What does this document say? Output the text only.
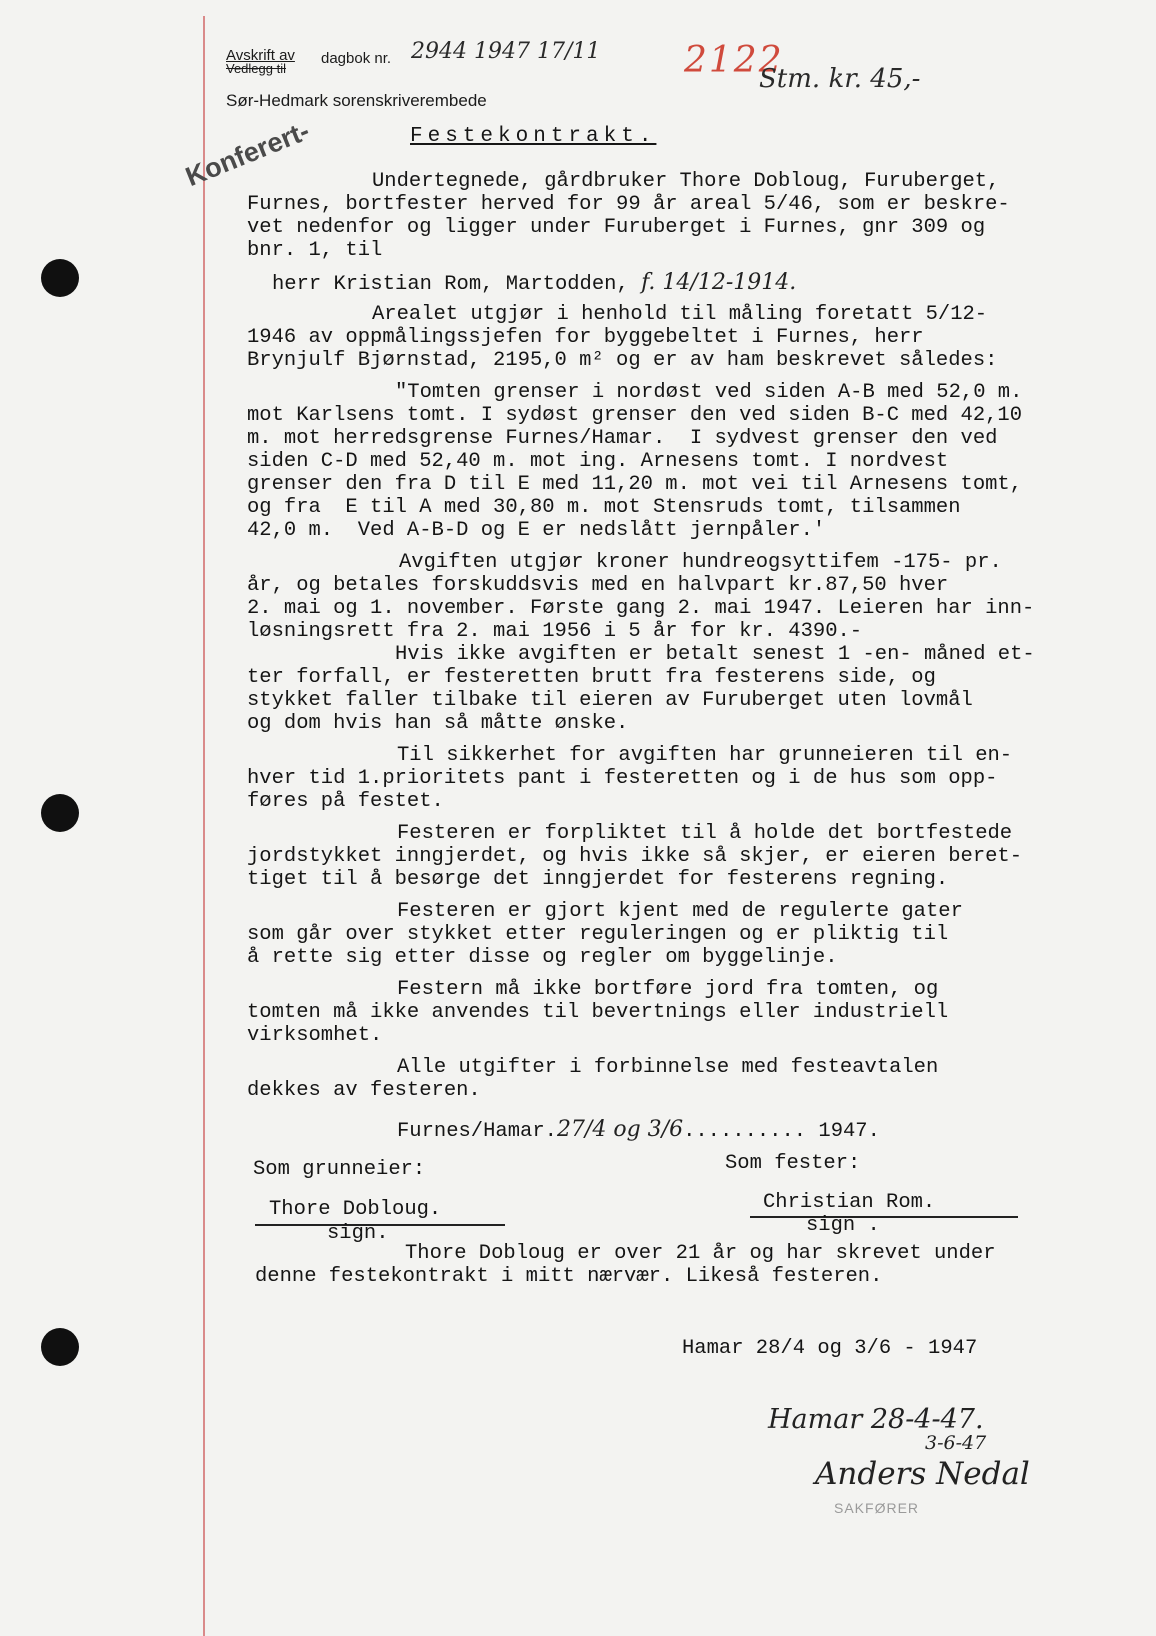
Avskrift av
Vedlegg til
dagbok nr. 2944 1947 17/11
Sør-Hedmark sorenskriverembede
2122
Stm. kr. 45,-
Konferert-	Festekontrakt.
Undertegnede, gårdbruker Thore Dobloug, Furuberget,
Furnes, bortfester herved for 99 år areal 5/46, som er beskre-
vet nedenfor og ligger under Furuberget i Furnes, gnr 309 og
bnr. 1, til
herr Kristian Rom, Martodden, f. 14/12-1914.
Arealet utgjør i henhold til måling foretatt 5/12-
1946 av oppmålingssjefen for byggebeltet i Furnes, herr
Brynjulf Bjørnstad, 2195,0 m² og er av ham beskrevet således:
"Tomten grenser i nordøst ved siden A-B med 52,0 m.
mot Karlsens tomt. I sydøst grenser den ved siden B-C med 42,10
m. mot herredsgrense Furnes/Hamar.  I sydvest grenser den ved
siden C-D med 52,40 m. mot ing. Arnesens tomt. I nordvest
grenser den fra D til E med 11,20 m. mot vei til Arnesens tomt,
og fra  E til A med 30,80 m. mot Stensruds tomt, tilsammen
42,0 m.  Ved A-B-D og E er nedslått jernpåler.'
Avgiften utgjør kroner hundreogsyttifem -175- pr.
år, og betales forskuddsvis med en halvpart kr.87,50 hver
2. mai og 1. november. Første gang 2. mai 1947. Leieren har inn-
løsningsrett fra 2. mai 1956 i 5 år for kr. 4390.-
Hvis ikke avgiften er betalt senest 1 -en- måned et-
ter forfall, er festeretten brutt fra festerens side, og
stykket faller tilbake til eieren av Furuberget uten lovmål
og dom hvis han så måtte ønske.
Til sikkerhet for avgiften har grunneieren til en-
hver tid 1.prioritets pant i festeretten og i de hus som opp-
føres på festet.
Festeren er forpliktet til å holde det bortfestede
jordstykket inngjerdet, og hvis ikke så skjer, er eieren beret-
tiget til å besørge det inngjerdet for festerens regning.
Festeren er gjort kjent med de regulerte gater
som går over stykket etter reguleringen og er pliktig til
å rette sig etter disse og regler om byggelinje.
Festern må ikke bortføre jord fra tomten, og
tomten må ikke anvendes til bevertnings eller industriell
virksomhet.
Alle utgifter i forbinnelse med festeavtalen
dekkes av festeren.
Furnes/Hamar.27/4 og 3/6.......... 1947.
Som grunneier:	Som fester:
Thore Dobloug.
sign.
Christian Rom.
sign .
Thore Dobloug er over 21 år og har skrevet under
denne festekontrakt i mitt nærvær. Likeså festeren.
Hamar 28/4 og 3/6 - 1947
Hamar 28-4-47.
3-6-47
Anders Nedal
SAKFØRER
